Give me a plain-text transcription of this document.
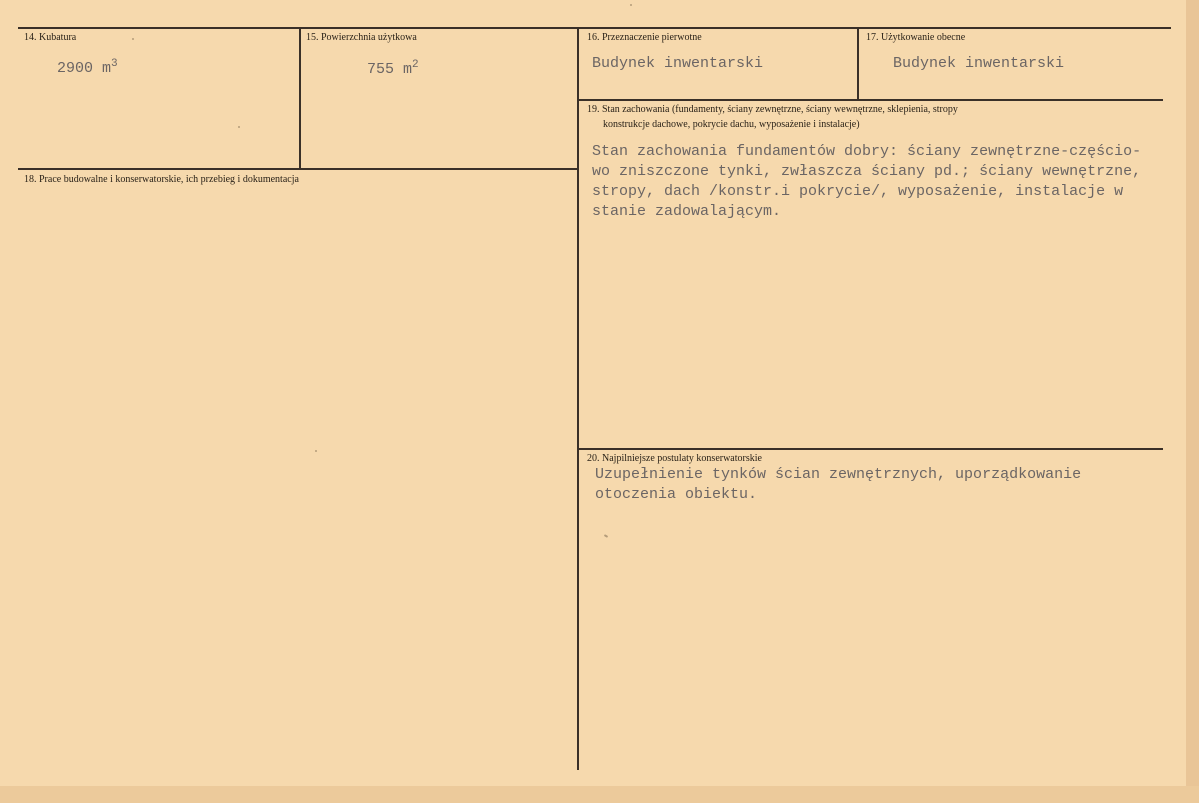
14. Kubatura
2900 $m^3$
15. Powierzchnia użytkowa
755 $m^2$
16. Przeznaczenie pierwotne
Budynek inwentarski
17. Użytkowanie obecne
Budynek inwentarski
18. Prace budowalne i konserwatorskie, ich przebieg i dokumentacja
19. Stan zachowania (fundamenty, ściany zewnętrzne, ściany wewnętrzne, sklepienia, stropy
konstrukcje dachowe, pokrycie dachu, wyposażenie i instalacje)
Stan zachowania fundamentów dobry: ściany zewnętrzne-częścio-
wo zniszczone tynki, zwłaszcza ściany pd.; ściany wewnętrzne,
stropy, dach /konstr.i pokrycie/, wyposażenie, instalacje w
stanie zadowalającym.
20. Najpilniejsze postulaty konserwatorskie
Uzupełnienie tynków ścian zewnętrznych, uporządkowanie
otoczenia obiektu.
